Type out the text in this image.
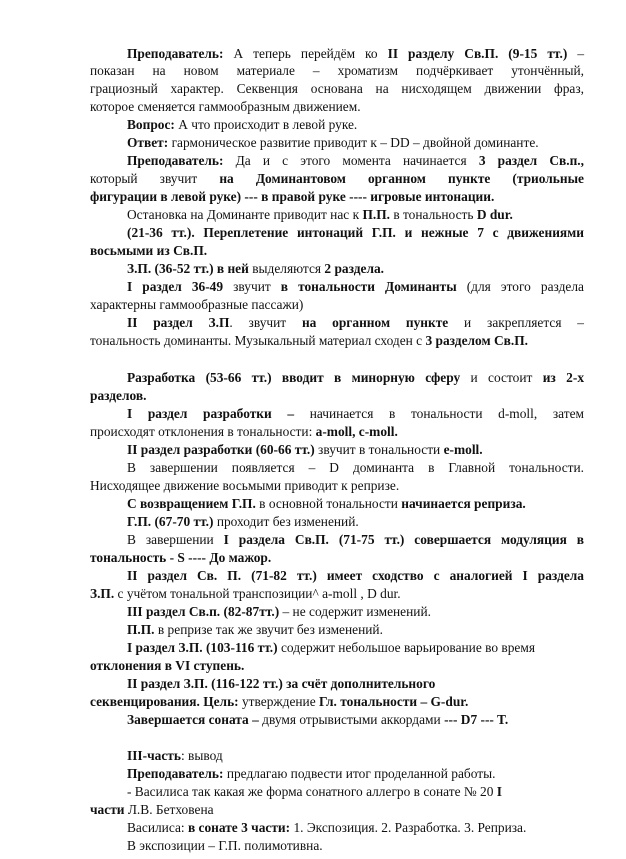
Преподаватель: А теперь перейдём ко II разделу Св.П. (9-15 тт.) –
показан на новом материале – хроматизм подчёркивает утончённый,
грациозный характер. Секвенция основана на нисходящем движении фраз,
которое сменяется гаммообразным движением.
Вопрос: А что происходит в левой руке.
Ответ: гармоническое развитие приводит к – DD – двойной доминанте.
Преподаватель: Да и с этого момента начинается 3 раздел Св.п.,
который звучит на Доминантовом органном пункте (триольные
фигурации в левой руке) --- в правой руке ---- игровые интонации.
Остановка на Доминанте приводит нас к П.П. в тональность D dur.
(21-36 тт.). Переплетение интонаций Г.П. и нежные 7 с движениями
восьмыми из Св.П.
З.П. (36-52 тт.) в ней выделяются 2 раздела.
I раздел 36-49 звучит в тональности Доминанты (для этого раздела
характерны гаммообразные пассажи)
II раздел З.П. звучит на органном пункте и закрепляется –
тональность доминанты. Музыкальный материал сходен с 3 разделом Св.П.
Разработка (53-66 тт.) вводит в минорную сферу и состоит из 2-х
разделов.
I раздел разработки – начинается в тональности d-moll, затем
происходят отклонения в тональности: a-moll, c-moll.
II раздел разработки (60-66 тт.) звучит в тональности e-moll.
В завершении появляется – D доминанта в Главной тональности.
Нисходящее движение восьмыми приводит к репризе.
С возвращением Г.П. в основной тональности начинается реприза.
Г.П. (67-70 тт.) проходит без изменений.
В завершении I раздела Св.П. (71-75 тт.) совершается модуляция в
тональность - S ---- До мажор.
II раздел Св. П. (71-82 тт.) имеет сходство с аналогией I раздела
З.П. с учётом тональной транспозиции^ a-moll , D dur.
III раздел Св.п. (82-87тт.) – не содержит изменений.
П.П. в репризе так же звучит без изменений.
I раздел З.П. (103-116 тт.) содержит небольшое варьирование во время
отклонения в VI ступень.
II раздел З.П. (116-122 тт.) за счёт дополнительного
секвенцирования. Цель: утверждение Гл. тональности – G-dur.
Завершается соната – двумя отрывистыми аккордами --- D7 --- T.
III-часть: вывод
Преподаватель: предлагаю подвести итог проделанной работы.
- Василиса так какая же форма сонатного аллегро в сонате № 20 I
части Л.В. Бетховена
Василиса: в сонате 3 части: 1. Экспозиция. 2. Разработка. 3. Реприза.
В экспозиции – Г.П. полимотивна.
